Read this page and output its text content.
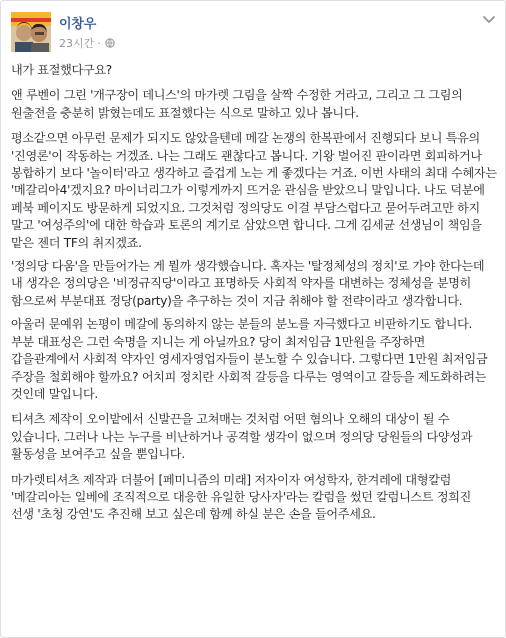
이창우
23시간 ·

내가 표절했다구요?

앤 루벤이 그린 '개구장이 데니스'의 마가렛 그림을 살짝 수정한 거라고, 그리고 그 그림의 원출전을 충분히 밝혔는데도 표절했다는 식으로 말하고 있나 봅니다.

평소같으면 아무런 문제가 되지도 않았을텐데 메갈 논쟁의 한복판에서 진행되다 보니 특유의 '진영론'이 작동하는 거겠죠. 나는 그래도 괜찮다고 봅니다. 기왕 벌어진 판이라면 회피하거나 봉합하기 보다 '놀이터'라고 생각하고 즐겁게 노는 게 좋겠다는 거죠. 이번 사태의 최대 수혜자는 '메갈리아4'겠지요? 마이너리그가 이렇게까지 뜨거운 관심을 받았으니 말입니다. 나도 덕분에 페북 페이지도 방문하게 되었지요. 그것처럼 정의당도 이걸 부담스럽다고 묻어두려고만 하지 말고 '여성주의'에 대한 학습과 토론의 계기로 삼았으면 합니다. 그게 김세균 선생님이 책임을 맡은 젠더 TF의 취지겠죠.

'정의당 다움'을 만들어가는 게 뭘까 생각했습니다. 혹자는 '탈정체성의 정치'로 가야 한다는데 내 생각은 정의당은 '비정규직당'이라고 표명하듯 사회적 약자를 대변하는 정체성을 분명히 함으로써 부분대표 정당(party)을 추구하는 것이 지금 취해야 할 전략이라고 생각합니다.

아울러 문예위 논평이 메갈에 동의하지 않는 분들의 분노를 자극했다고 비판하기도 합니다. 부분 대표성은 그런 숙명을 지니는 게 아닐까요? 당이 최저임금 1만원을 주장하면 갑을관계에서 사회적 약자인 영세자영업자들이 분노할 수 있습니다. 그렇다면 1만원 최저임금 주장을 철회해야 할까요? 어치피 정치란 사회적 갈등을 다루는 영역이고 갈등을 제도화하려는 것인데 말입니다.

티셔츠 제작이 오이밭에서 신발끈을 고쳐매는 것처럼 어떤 혐의나 오해의 대상이 될 수 있습니다. 그러나 나는 누구를 비난하거나 공격할 생각이 없으며 정의당 당원들의 다양성과 활동성을 보여주고 싶을 뿐입니다.

마가렛티셔츠 제작과 더불어 [페미니즘의 미래] 저자이자 여성학자, 한겨레에 대형칼럼 '메갈리아는 일베에 조직적으로 대응한 유일한 당사자'라는 칼럼을 썼던 칼럼니스트 정희진 선생 '초청 강연'도 추진해 보고 싶은데 함께 하실 분은 손을 들어주세요.
